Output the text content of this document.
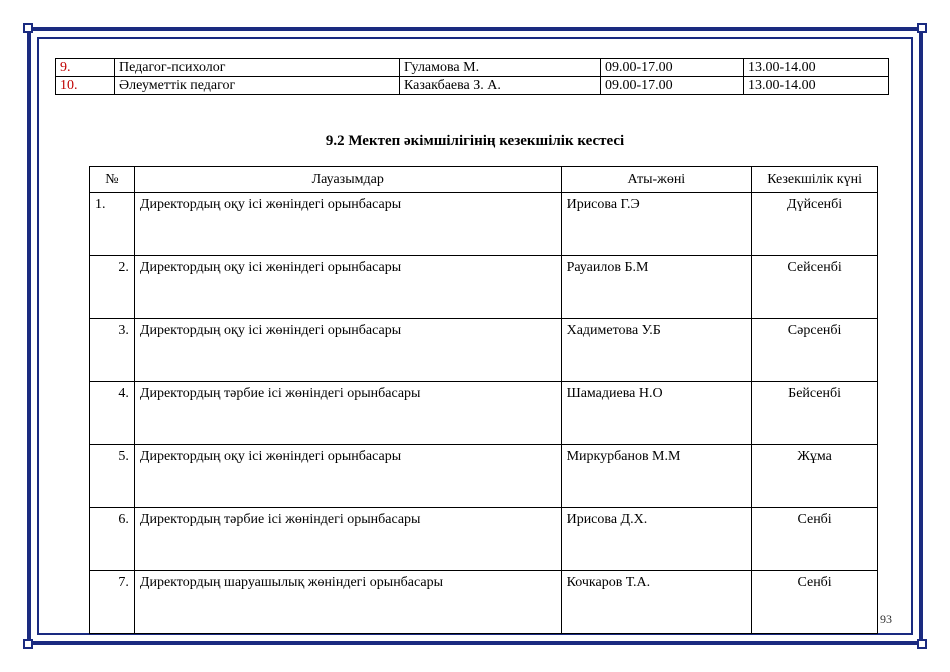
9.	Педагог-психолог	Гуламова М.	09.00-17.00	13.00-14.00
10.	Әлеуметтік педагог	Казакбаева З. А.	09.00-17.00	13.00-14.00
9.2 Мектеп әкімшілігінің кезекшілік кестесі
№	Лауазымдар	Аты-жөні	Кезекшілік күні
1.	Директордың оқу ісі жөніндегі орынбасары	Ирисова Г.Э	Дүйсенбі
2.	Директордың оқу ісі жөніндегі орынбасары	Рауаилов Б.М	Сейсенбі
3.	Директордың оқу ісі жөніндегі орынбасары	Хадиметова У.Б	Сәрсенбі
4.	Директордың тәрбие ісі жөніндегі орынбасары	Шамадиева Н.О	Бейсенбі
5.	Директордың оқу ісі жөніндегі орынбасары	Миркурбанов М.М	Жұма
6.	Директордың тәрбие ісі жөніндегі орынбасары	Ирисова Д.Х.	Сенбі
7.	Директордың шаруашылық жөніндегі орынбасары	Кочкаров Т.А.	Сенбі
93
